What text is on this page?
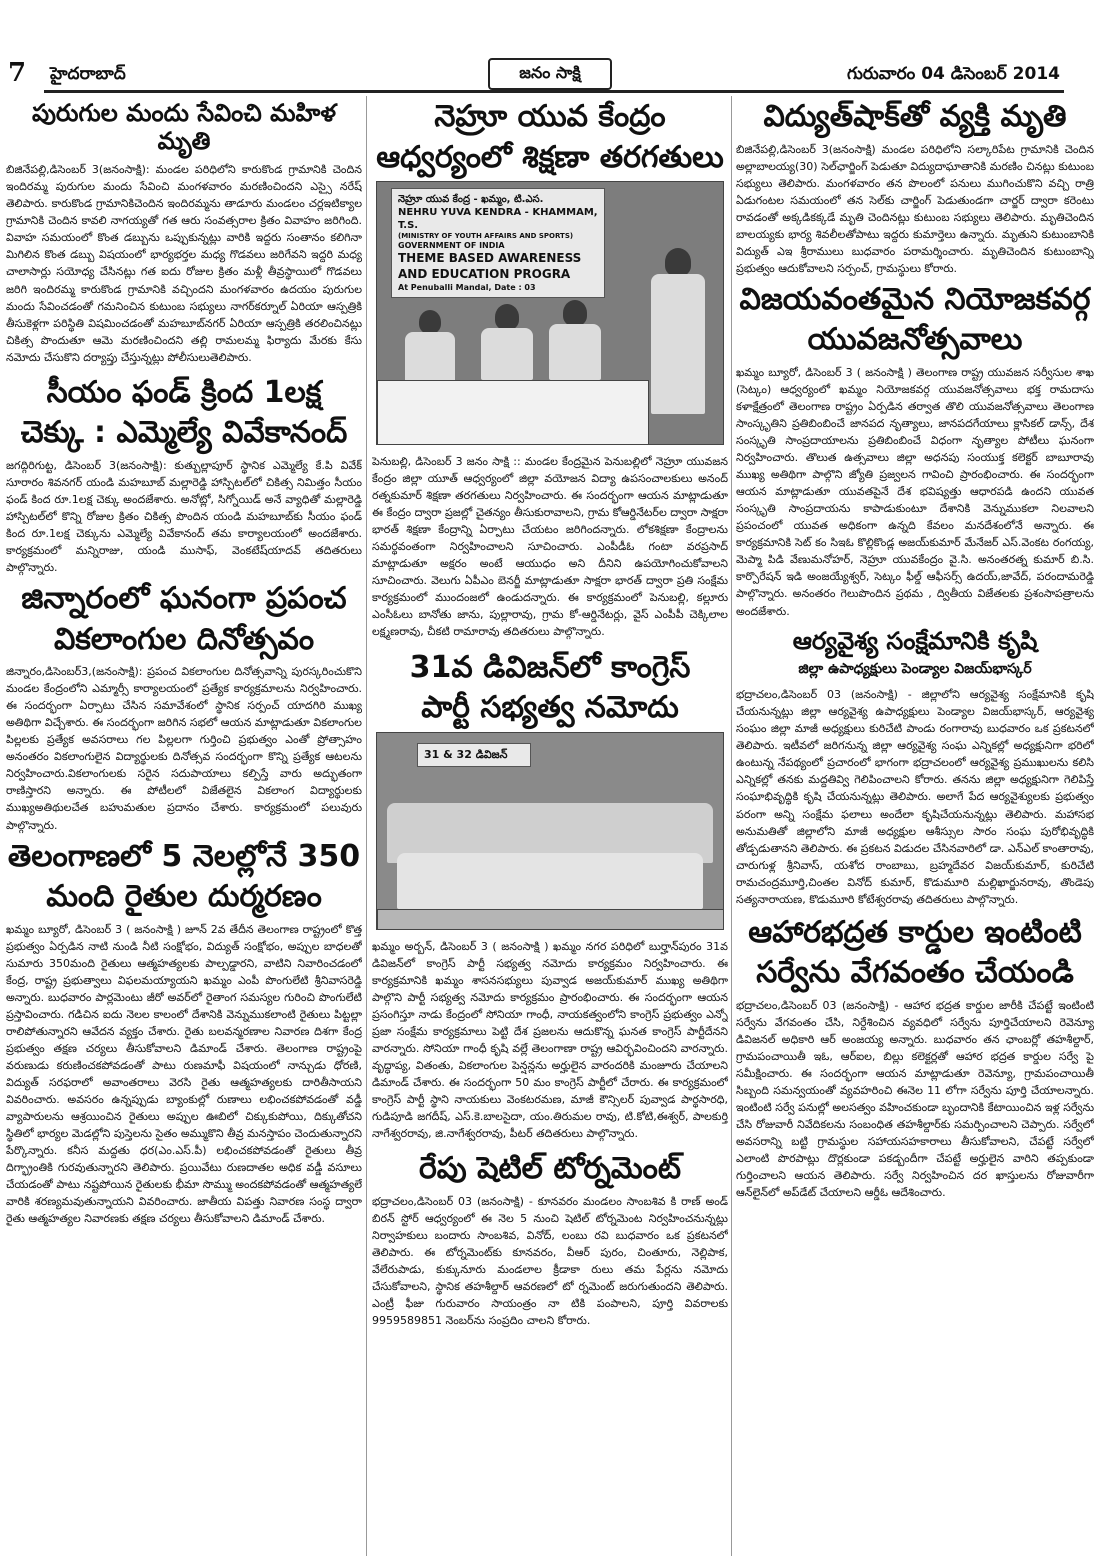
7 హైదరాబాద్	జనం సాక్షి	గురువారం 04 డిసెంబర్ 2014
పురుగుల మందు సేవించి మహిళ మృతి

బిజినేపల్లి,డిసెంబర్ 3(జనంసాక్షి): మండల పరిధిలోని కారుకొండ గ్రామానికి చెందిన ఇందిరమ్మ పురుగుల మందు సేవించి మంగళవారం మరణించిందని ఎస్సై నరేష్ తెలిపారు. కారుకొండ గ్రామానికిచెందిన ఇందిరమ్మను తాడూరు మండలం చర్లఇటిక్యాల గ్రామానికి చెందిన కావలి నాగయ్యతో గత ఆరు సంవత్సరాల క్రితం వివాహం జరిగింది. వివాహ సమయంలో కొంత డబ్బును ఒప్పుకున్నట్లు వారికి ఇద్దరు సంతానం కలిగినా మిగిలిన కొంత డబ్బు విషయంలో భార్యభర్తల మధ్య గొడవలు జరిగేవని ఇద్దరి మధ్య చాలాసార్లు సయోధ్య చేసినట్లు గత ఐదు రోజుల క్రితం మళ్లీ తీవ్రస్థాయిలో గొడవలు జరిగి ఇందిరమ్మ కారుకొండ గ్రామానికి వచ్చిందని మంగళవారం ఉదయం పురుగుల మందు సేవించడంతో గమనించిన కుటుంబ సభ్యులు నాగర్‌కర్నూల్ ఏరియా ఆస్పత్రికి తీసుకెళ్లగా పరిస్థితి విషమించడంతో మహబూబ్‌నగర్ ఏరియా ఆస్పత్రికి తరలించినట్లు చికిత్స పొందుతూ ఆమె మరణించిందని తల్లి రామలమ్మ ఫిర్యాదు మేరకు కేసు నమోదు చేసుకొని దర్యాప్తు చేస్తున్నట్లు పోలీసులుతెలిపారు.

సీయం ఫండ్ క్రింద 1లక్ష
చెక్కు : ఎమ్మెల్యే వివేకానంద్

జగద్గిరిగుట్ట, డిసెంబర్ 3(జనంసాక్షి): కుత్బుల్లాపూర్ స్థానిక ఎమ్మెల్యే కే.పి వివేక్ సూరారం శివనగర్ యండి మహబూబ్ మల్లారెడ్డి హాస్పిటల్‌లో చికిత్స నిమిత్తం సీయం ఫండ్ కింద రూ.1లక్ష చెక్కు అందజేశారు. అనోట్లో, సిగ్నోయిడ్ అనే వ్యాధితో మల్లారెడ్డి హాస్పిటల్‌లో కొన్ని రోజుల క్రితం చికిత్స పొందిన యండి మహబూబ్‌కు సీయం ఫండ్ కింద రూ.1లక్ష చెక్కును ఎమ్మెల్యే వివేకానంద్ తమ కార్యాలయంలో అందజేశారు. కార్యక్రమంలో మన్నిరాజు, యండి ముసాఫ్, వెంకటేష్‌యాదవ్ తదితరులు పాల్గొన్నారు.

జిన్నారంలో ఘనంగా ప్రపంచ
వికలాంగుల దినోత్సవం

జిన్నారం,డిసెంబర్3,(జనంసాక్షి): ప్రపంచ వికలాంగుల దినోత్సవాన్ని పురస్కరించుకొని మండల కేంద్రంలోని ఎమ్మార్సీ కార్యాలయంలో ప్రత్యేక కార్యక్రమాలను నిర్వహించారు. ఈ సందర్భంగా ఏర్పాటు చేసిన సమావేశంలో స్థానిక సర్పంచ్ యాదగిరి ముఖ్య అతిథిగా విచ్చేశారు. ఈ సందర్భంగా జరిగిన సభలో ఆయన మాట్లాడుతూ వికలాంగుల పిల్లలకు ప్రత్యేక అవసరాలు గల పిల్లలగా గుర్తించి ప్రభుత్వం ఎంతో ప్రోత్సాహం అనంతరం వికలాంగులైన విద్యార్థులకు దినోత్సవ సందర్భంగా కొన్ని ప్రత్యేక ఆటలను నిర్వహించారు.వికలాంగులకు సరైన సదుపాయాలు కల్పిస్తే వారు అద్భుతంగా రాణిస్తారని అన్నారు. ఈ పోటీలలో విజేతలైన వికలాంగ విద్యార్థులకు ముఖ్యఅతిథులచేత బహుమతుల ప్రదానం చేశారు. కార్యక్రమంలో పలువురు పాల్గొన్నారు.

తెలంగాణలో 5 నెలల్లోనే 350
మంది రైతుల దుర్మరణం

ఖమ్మం బ్యూరో, డిసెంబర్ 3 ( జనంసాక్షి ) జూన్ 2వ తేదీన తెలంగాణ రాష్ట్రంలో కొత్త ప్రభుత్వం ఏర్పడిన నాటి నుండి నీటి సంక్షోభం, విద్యుత్ సంక్షోభం, అప్పుల బాధలతో సుమారు 350మంది రైతులు ఆత్మహత్యలకు పాల్పడ్డారని, వాటిని నివారించడంలో కేంద్ర, రాష్ట్ర ప్రభుత్వాలు విఫలమయ్యాయని ఖమ్మం ఎంపీ పొంగులేటి శ్రీనివాసరెడ్డి అన్నారు. బుధవారం పార్లమెంటు జీరో అవర్‌లో రైతాంగ సమస్యల గురించి పొంగులేటి ప్రస్తావించారు. గడిచిన ఐదు నెలల కాలంలో దేశానికి వెన్నుముకలాంటి రైతులు పిట్టల్లా రాలిపోతున్నారని ఆవేదన వ్యక్తం చేశారు. రైతు బలవన్మరణాల నివారణ దిశగా కేంద్ర ప్రభుత్వం తక్షణ చర్యలు తీసుకోవాలని డిమాండ్ చేశారు. తెలంగాణ రాష్ట్రంపై వరుణుడు కరుణించకపోవడంతో పాటు రుణమాఫీ విషయంలో నాన్చుడు ధోరణి, విద్యుత్ సరఫరాలో అవాంతరాలు వెరసి రైతు ఆత్మహత్యలకు దారితీసాయని వివరించారు. అవసరం ఉన్నప్పుడు బ్యాంకుల్లో రుణాలు లభించకపోవడంతో వడ్డీ వ్యాపారులను ఆశ్రయించిన రైతులు అప్పుల ఊబిలో చిక్కుకుపోయి, దిక్కుతోచని స్థితిలో భార్యల మెడల్లోని పుస్తెలను సైతం అమ్ముకొని తీవ్ర మనస్తాపం చెందుతున్నారని పేర్కొన్నారు. కనీస మద్దతు ధర(ఎం.ఎస్.పీ) లభించకపోవడంతో రైతులు తీవ్ర దిగ్భ్రాంతికి గురవుతున్నారని తెలిపారు. ప్రయివేటు రుణదాతల అధిక వడ్డీ వసూలు చేయడంతో పాటు నష్టపోయిన రైతులకు భీమా సొమ్ము అందకపోవడంతో ఆత్మహత్యలే వారికి శరణ్యమవుతున్నాయని వివరించారు. జాతీయ విపత్తు నివారణ సంస్థ ద్వారా రైతు ఆత్మహత్యల నివారణకు తక్షణ చర్యలు తీసుకోవాలని డిమాండ్ చేశారు.

నెహ్రూ యువ కేంద్రం
ఆధ్వర్యంలో శిక్షణా తరగతులు
నెహ్రూ యువ కేంద్ర - ఖమ్మం, టి.ఎస.
NEHRU YUVA KENDRA - KHAMMAM, T.S.
(MINISTRY OF YOUTH AFFAIRS AND SPORTS)
GOVERNMENT OF INDIA
THEME BASED AWARENESS
AND EDUCATION PROGRA
At Penuballi Mandal, Date : 03

పెనుబల్లి, డిసెంబర్ 3 జనం సాక్షి :: మండల కేంద్రమైన పెనుబల్లిలో నెహ్రూ యువజన కేంద్రం జిల్లా యూత్ ఆధ్వర్యంలో జిల్లా వయోజన విద్యా ఉపసంచాలకులు అనంద్ రత్నకుమార్ శిక్షణా తరగతులు నిర్వహించారు. ఈ సందర్భంగా ఆయన మాట్లాడుతూ ఈ కేంద్రం ద్వారా ప్రజల్లో చైతన్యం తీసుకురావాలని, గ్రామ కోఆర్డినేటర్‌ల ద్వారా సాక్షరా భారత్ శిక్షణా కేంద్రాన్ని ఏర్పాటు చేయటం జరిగిందన్నారు. లోకశిక్షణా కేంద్రాలను సమర్థవంతంగా నిర్వహించాలని సూచించారు. ఎంపీడీఓ గంటా వరప్రసాద్ మాట్లాడుతూ అక్షరం అంటే ఆయుధం అని దీనిని ఉపయోగించుకోవాలని సూచించారు. వెలుగు ఏపీఎం బెనర్జీ మాట్లాడుతూ సాక్షరా భారత్ ద్వారా ప్రతి సంక్షేమ కార్యక్రమంలో ముందంజలో ఉండుదన్నారు. ఈ కార్యక్రమంలో పెనుబల్లి, కల్లూరు ఎంసీఓలు బానోతు జాను, పుల్లారావు, గ్రామ కో-ఆర్డినేటర్లు, వైస్ ఎంపీపీ చెక్కిలాల లక్ష్మణరావు, చీకటి రామారావు తదితరులు పాల్గొన్నారు.

31వ డివిజన్‌లో కాంగ్రెస్
పార్టీ సభ్యత్వ నమోదు
31 & 32 డివిజన్

ఖమ్మం అర్బన్, డిసెంబర్ 3 ( జనంసాక్షి ) ఖమ్మం నగర పరిధిలో బుర్హాన్‌పురం 31వ డివిజన్‌లో కాంగ్రెస్ పార్టీ సభ్యత్వ నమోదు కార్యక్రమం నిర్వహించారు. ఈ కార్యక్రమానికి ఖమ్మం శాసనసభ్యులు పువ్వాడ అజయ్‌కుమార్ ముఖ్య అతిథిగా పాల్గొని పార్టీ సభ్యత్వ నమోదు కార్యక్రమం ప్రారంభించారు. ఈ సందర్భంగా ఆయన ప్రసంగిస్తూ నాడు కేంద్రంలో సోనియా గాంధీ, నాయకత్వంలోని కాంగ్రెస్ ప్రభుత్వం ఎన్నో ప్రజా సంక్షేమ కార్యక్రమాలు పెట్టి దేశ ప్రజలను ఆదుకొన్న ఘనత కాంగ్రెస్ పార్టీదేనని వారన్నారు. సోనియా గాంధీ కృషి వల్లే తెలంగాణా రాష్ట్ర ఆవిర్భవించిందని వారన్నారు. వృద్ధాప్య, వితంతు, వికలాంగుల పెన్షన్లను అర్హులైన వారందరికి మంజూరు చేయాలని డిమాండ్ చేశారు. ఈ సందర్భంగా 50 మం కాంగ్రెస్ పార్టీలో చేరారు. ఈ కార్యక్రమంలో కాంగ్రెస్ పార్టీ స్థాని నాయకులు వెంకటరమణ, మాజీ కౌన్సిలర్ పువ్వాడ పార్థసారధి, గుడిపూడి జగదీష్, ఎస్.కె.బాలసైదా, యం.తిరుమల రావు, టి.కోటి,ఈశ్వర్, పాలకుర్తి నాగేశ్వరరావు, జి.నాగేశ్వరరావు, పీటర్ తదితరులు పాల్గొన్నారు.

రేపు షెటిల్ టోర్నమెంట్

భద్రాచలం,డిసెంబర్ 03 (జనంసాక్షి) - కూనవరం మండలం సాంబశివ కి రాణ్ అండ్ బిరన్ స్టోర్ ఆధ్వర్యంలో ఈ నెల 5 నుంచి షెటిల్ టోర్నమెంట నిర్వహించనున్నట్లు నిర్వాహకులు బందారు సాంబశివ, వినోద్, లంబు రవి బుధవారం ఒక ప్రకటనలో తెలిపారు. ఈ టోర్నమెంట్‌కు కూనవరం, వీఆర్ పురం, చింతూరు, నెల్లిపాక, వేలేరుపాడు, కుక్కునూరు మండలాల క్రీడాకా రులు తమ పేర్లను నమోదు చేసుకోవాలని, స్థానిక తహశీల్దార్ ఆవరణలో టో ర్నమెంట్ జరుగుతుందని తెలిపారు. ఎంట్రీ ఫీజు గురువారం సాయంత్రం నా టికి పంపాలని, పూర్తి వివరాలకు 9959589851 నెంబర్‌ను సంప్రదిం చాలని కోరారు.

విద్యుత్‌షాక్‌తో వ్యక్తి మృతి

బిజినేపల్లి,డిసెంబర్ 3(జనంసాక్షి) మండల పరిధిలోని సల్కారిపేట గ్రామానికి చెందిన అల్లాబాలయ్య(30) సెల్‌ఛార్జింగ్ పెడుతూ విద్యుదాఘాతానికి మరణిం చినట్లు కుటుంబ సభ్యులు తెలిపారు. మంగళవారం తన పొలంలో పనులు ముగించుకొని వచ్చి రాత్రి ఏడుగంటల సమయంలో తన సెల్‌కు చార్జింగ్ పెడుతుండగా చార్జర్ ద్వారా కరెంటు రావడంతో అక్కడికక్కడే మృతి చెందినట్లు కుటుంబ సభ్యులు తెలిపారు. మృతిచెందిన బాలయ్యకు భార్య శివలీలతోపాటు ఇద్దరు కుమార్తెలు ఉన్నారు. మృతుని కుటుంబానికి విద్యుత్ ఎఇ శ్రీరాములు బుధవారం పరామర్శించారు. మృతిచెందిన కుటుంబాన్ని ప్రభుత్వం ఆదుకోవాలని సర్పంచ్, గ్రామస్థులు కోరారు.

విజయవంతమైన నియోజకవర్గ
యువజనోత్సవాలు

ఖమ్మం బ్యూరో, డిసెంబర్ 3 ( జనంసాక్షి ) తెలంగాణ రాష్ట్ర యువజన సర్వీసుల శాఖ (సెట్కం) ఆధ్వర్యంలో ఖమ్మం నియోజకవర్గ యువజనోత్సవాలు భక్త రామదాసు కళాక్షేత్రంలో తెలంగాణ రాష్ట్రం ఏర్పడిన తర్వాత తొలి యువజనోత్సవాలు తెలంగాణ సాంస్కృతిని ప్రతిబింబించే జానపద నృత్యాలు, జానపదగేయాలు క్లాసికల్ డాన్స్, దేశ సంస్కృతి సాంప్రదాయాలను ప్రతిబింబించే విధంగా నృత్యాల పోటీలు ఘనంగా నిర్వహించారు. తొలుత ఉత్సవాలు జిల్లా అధనపు సంయుక్త కలెక్టర్ బాబూరావు ముఖ్య అతిథిగా పాల్గొని జ్యోతి ప్రజ్వలన గావించి ప్రారంభించారు. ఈ సందర్భంగా ఆయన మాట్లాడుతూ యువతపైనే దేశ భవిష్యత్తు ఆధారపడి ఉందని యువత సంస్కృతి సాంప్రదాయను కాపాడుకుంటూ దేశానికి వెన్నుముకలా నిలవాలని ప్రపంచంలో యువత అధికంగా ఉన్నది కేవలం మనదేశంలోనే అన్నారు. ఈ కార్యక్రమానికి సెట్ కం సిఇఓ కొల్లికొండ్ల అజయ్‌కుమార్ మేనేజర్ ఎస్.వెంకట రంగయ్య, మెప్మా పిడి వేణుమనోహర్, నెహ్రూ యువకేంద్రం వై.సి. అనంతరత్న కుమార్ బి.సి. కార్పొరేషన్ ఇడి అంజయ్యేశ్వర్, సెట్కం ఫీల్డ్ ఆఫీసర్స్ ఉదయ్,జావేద్, పరందామరెడ్డి పాల్గొన్నారు. అనంతరం గెలుపొందిన ప్రథమ , ద్వితీయ విజేతలకు ప్రశంసాపత్రాలను అందజేశారు.

ఆర్యవైశ్య సంక్షేమానికి కృషి
జిల్లా ఉపాధ్యక్షులు పెండ్యాల విజయ్‌భాస్కర్

భద్రాచలం,డిసెంబర్ 03 (జనంసాక్షి) - జిల్లాలోని ఆర్యవైశ్య సంక్షేమానికి కృషి చేయనున్నట్లు జిల్లా ఆర్యవైశ్య ఉపాధ్యక్షులు పెండ్యాల విజయ్‌భాస్కర్, ఆర్యవైశ్య సంఘం జిల్లా మాజీ అధ్యక్షులు కురిచేటి పాండు రంగారావు బుధవారం ఒక ప్రకటనలో తెలిపారు. ఇటీవలో జరిగనున్న జిల్లా ఆర్యవైశ్య సంఘ ఎన్నికల్లో అధ్యక్షునిగా భరిలో ఉంటున్న నేపథ్యంలో ప్రచారంలో భాగంగా భద్రాచలంలో ఆర్యవైశ్య ప్రముఖులను కలిసి ఎన్నికల్లో తనకు మద్దతివ్వి గెలిపించాలని కోరారు. తనను జిల్లా అధ్యక్షునిగా గెలిపిస్తే సంఘాభివృద్ధికి కృషి చేయనున్నట్లు తెలిపారు. అలాగే పేద ఆర్యవైశ్యులకు ప్రభుత్వం పరంగా అన్ని సంక్షేమ ఫలాలు అందేలా కృషిచేయనున్నట్లు తెలిపారు. మహాసభ అనుమతితో జిల్లాలోని మాజీ అధ్యక్షుల ఆశీస్సుల సారం సంఘ పురోభివృద్ధికి తోడ్పడుతానని తెలిపారు. ఈ ప్రకటన విడుదల చేసినవారిలో డా. ఎన్ఎల్ కాంతారావు, చారుగుళ్ల శ్రీనివాస్, యశోద రాంబాబు, బ్రహ్మదేవర విజయ్‌కుమార్, కురిచేటి రామచంద్రమూర్తి,చింతల వినోద్ కుమార్, కొడుమూరి మల్లిఖార్జునరావు, తొండెపు సత్యనారాయణ, కొడుమూరి కోటేశ్వరరావు తదితరులు పాల్గొన్నారు.

ఆహారభద్రత కార్డుల ఇంటింటి
సర్వేను వేగవంతం చేయండి

భద్రాచలం,డిసెంబర్ 03 (జనంసాక్షి) - ఆహార భద్రత కార్డుల జారీకి చేపట్టే ఇంటింటి సర్వేను వేగవంతం చేసి, నిర్దేశించిన వ్యవధిలో సర్వేను పూర్తిచేయాలని రెవెన్యూ డివిజనల్ అధికారి ఆర్ అంజయ్య అన్నారు. బుధవారం తన ఛాంబర్లో తహశీల్దార్, గ్రామపంచాయితీ ఇఓ, ఆర్ఐల, బిల్లు కలెక్టర్లతో ఆహార భద్రత కార్డుల సర్వే పై సమీక్షించారు. ఈ సందర్భంగా ఆయన మాట్లాడుతూ రెవెన్యూ, గ్రామపంచాయితీ సిబ్బంది సమన్వయంతో వ్యవహరించి ఈనెల 11 లోగా సర్వేను పూర్తి చేయాలన్నారు. ఇంటింటి సర్వే పనుల్లో అలసత్వం వహించకుండా బృందానికి కేటాయించిన ఇళ్ల సర్వేను చేసి రోజువారీ నివేదికలను సంబంధిత తహశీల్దార్‌కు సమర్పించాలని చెప్పారు. సర్వేలో అవసరాన్ని బట్టి గ్రామస్థుల సహాయసహకారాలు తీసుకోవాలని, చేపట్టే సర్వేలో ఎలాంటి పొరపాట్లు దొర్లకుండా పకడ్బందీగా చేపట్టే అర్హులైన వారిని తప్పకుండా గుర్తించాలని ఆయన తెలిపారు. సర్వే నిర్వహించిన దర ఖాస్తులను రోజువారీగా ఆన్‌లైన్‌లో అప్‌డేట్ చేయాలని ఆర్డీఓ ఆదేశించారు.
